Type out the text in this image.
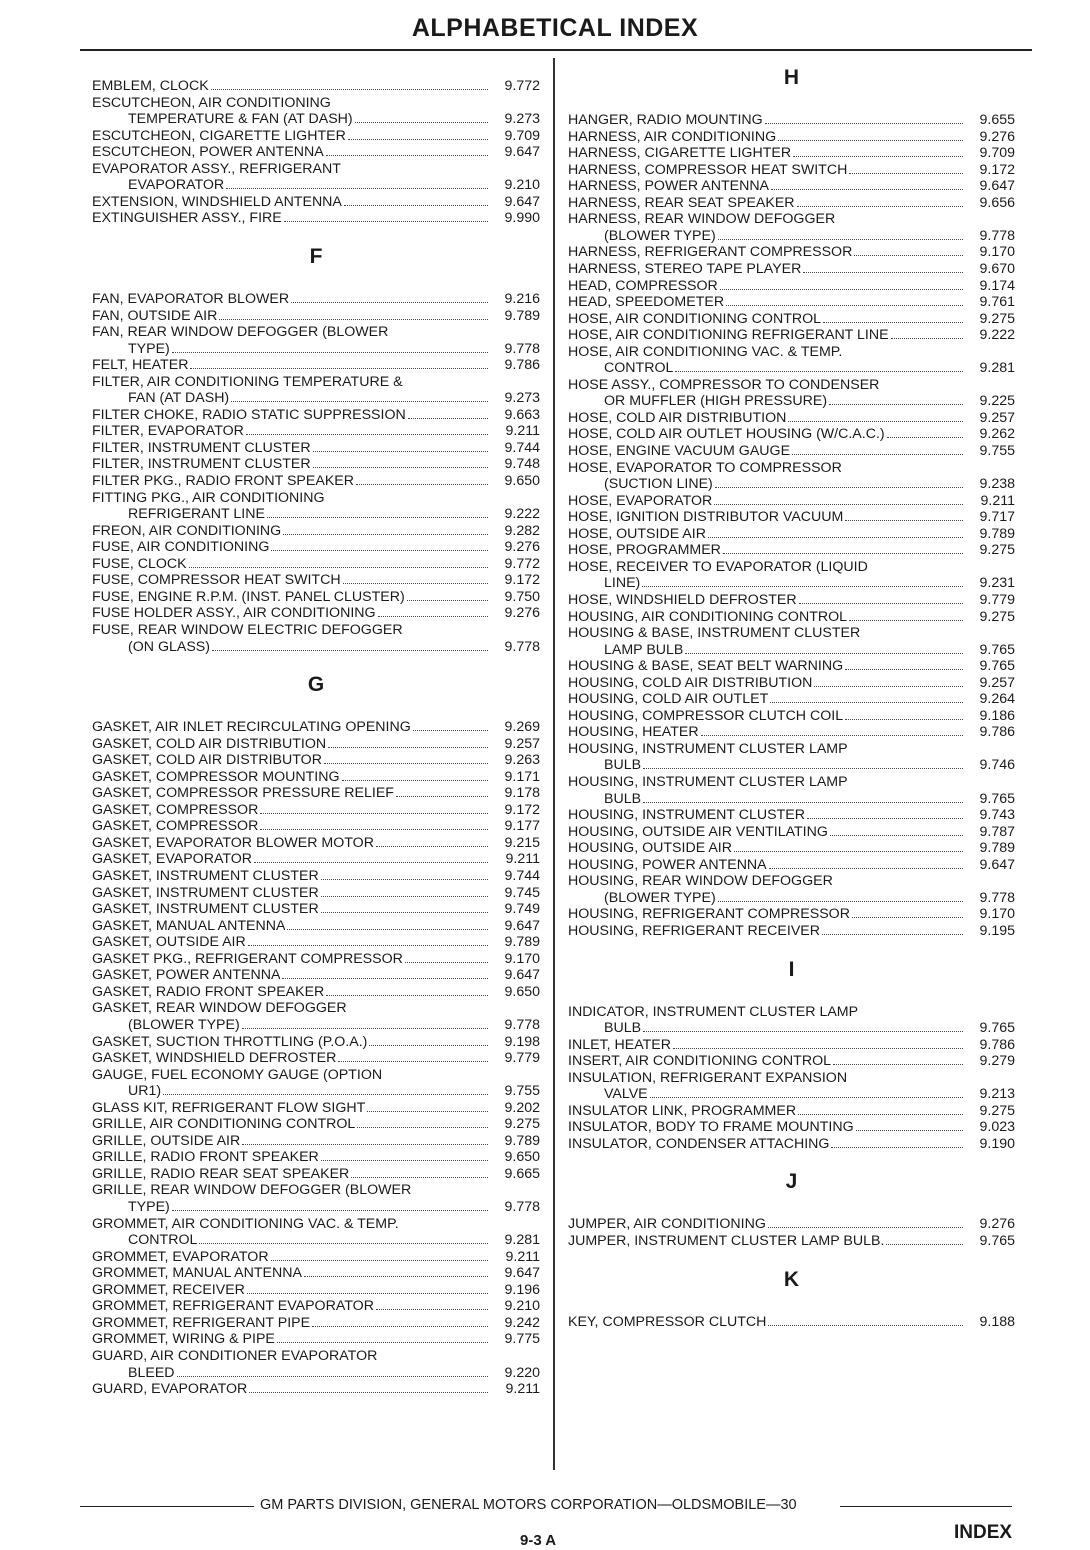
ALPHABETICAL INDEX
EMBLEM, CLOCK	9.772
ESCUTCHEON, AIR CONDITIONING
TEMPERATURE & FAN (AT DASH)	9.273
ESCUTCHEON, CIGARETTE LIGHTER	9.709
ESCUTCHEON, POWER ANTENNA	9.647
EVAPORATOR ASSY., REFRIGERANT
EVAPORATOR	9.210
EXTENSION, WINDSHIELD ANTENNA	9.647
EXTINGUISHER ASSY., FIRE	9.990
F
FAN, EVAPORATOR BLOWER	9.216
FAN, OUTSIDE AIR	9.789
FAN, REAR WINDOW DEFOGGER (BLOWER
TYPE)	9.778
FELT, HEATER	9.786
FILTER, AIR CONDITIONING TEMPERATURE &
FAN (AT DASH)	9.273
FILTER CHOKE, RADIO STATIC SUPPRESSION	9.663
FILTER, EVAPORATOR	9.211
FILTER, INSTRUMENT CLUSTER	9.744
FILTER, INSTRUMENT CLUSTER	9.748
FILTER PKG., RADIO FRONT SPEAKER	9.650
FITTING PKG., AIR CONDITIONING
REFRIGERANT LINE	9.222
FREON, AIR CONDITIONING	9.282
FUSE, AIR CONDITIONING	9.276
FUSE, CLOCK	9.772
FUSE, COMPRESSOR HEAT SWITCH	9.172
FUSE, ENGINE R.P.M. (INST. PANEL CLUSTER)	9.750
FUSE HOLDER ASSY., AIR CONDITIONING	9.276
FUSE, REAR WINDOW ELECTRIC DEFOGGER
(ON GLASS)	9.778
G
GASKET, AIR INLET RECIRCULATING OPENING	9.269
GASKET, COLD AIR DISTRIBUTION	9.257
GASKET, COLD AIR DISTRIBUTOR	9.263
GASKET, COMPRESSOR MOUNTING	9.171
GASKET, COMPRESSOR PRESSURE RELIEF	9.178
GASKET, COMPRESSOR	9.172
GASKET, COMPRESSOR	9.177
GASKET, EVAPORATOR BLOWER MOTOR	9.215
GASKET, EVAPORATOR	9.211
GASKET, INSTRUMENT CLUSTER	9.744
GASKET, INSTRUMENT CLUSTER	9.745
GASKET, INSTRUMENT CLUSTER	9.749
GASKET, MANUAL ANTENNA	9.647
GASKET, OUTSIDE AIR	9.789
GASKET PKG., REFRIGERANT COMPRESSOR	9.170
GASKET, POWER ANTENNA	9.647
GASKET, RADIO FRONT SPEAKER	9.650
GASKET, REAR WINDOW DEFOGGER
(BLOWER TYPE)	9.778
GASKET, SUCTION THROTTLING (P.O.A.)	9.198
GASKET, WINDSHIELD DEFROSTER	9.779
GAUGE, FUEL ECONOMY GAUGE (OPTION
UR1)	9.755
GLASS KIT, REFRIGERANT FLOW SIGHT	9.202
GRILLE, AIR CONDITIONING CONTROL	9.275
GRILLE, OUTSIDE AIR	9.789
GRILLE, RADIO FRONT SPEAKER	9.650
GRILLE, RADIO REAR SEAT SPEAKER	9.665
GRILLE, REAR WINDOW DEFOGGER (BLOWER
TYPE)	9.778
GROMMET, AIR CONDITIONING VAC. & TEMP.
CONTROL	9.281
GROMMET, EVAPORATOR	9.211
GROMMET, MANUAL ANTENNA	9.647
GROMMET, RECEIVER	9.196
GROMMET, REFRIGERANT EVAPORATOR	9.210
GROMMET, REFRIGERANT PIPE	9.242
GROMMET, WIRING & PIPE	9.775
GUARD, AIR CONDITIONER EVAPORATOR
BLEED	9.220
GUARD, EVAPORATOR	9.211
H
HANGER, RADIO MOUNTING	9.655
HARNESS, AIR CONDITIONING	9.276
HARNESS, CIGARETTE LIGHTER	9.709
HARNESS, COMPRESSOR HEAT SWITCH	9.172
HARNESS, POWER ANTENNA	9.647
HARNESS, REAR SEAT SPEAKER	9.656
HARNESS, REAR WINDOW DEFOGGER
(BLOWER TYPE)	9.778
HARNESS, REFRIGERANT COMPRESSOR	9.170
HARNESS, STEREO TAPE PLAYER	9.670
HEAD, COMPRESSOR	9.174
HEAD, SPEEDOMETER	9.761
HOSE, AIR CONDITIONING CONTROL	9.275
HOSE, AIR CONDITIONING REFRIGERANT LINE	9.222
HOSE, AIR CONDITIONING VAC. & TEMP.
CONTROL	9.281
HOSE ASSY., COMPRESSOR TO CONDENSER
OR MUFFLER (HIGH PRESSURE)	9.225
HOSE, COLD AIR DISTRIBUTION	9.257
HOSE, COLD AIR OUTLET HOUSING (W/C.A.C.)	9.262
HOSE, ENGINE VACUUM GAUGE	9.755
HOSE, EVAPORATOR TO COMPRESSOR
(SUCTION LINE)	9.238
HOSE, EVAPORATOR	9.211
HOSE, IGNITION DISTRIBUTOR VACUUM	9.717
HOSE, OUTSIDE AIR	9.789
HOSE, PROGRAMMER	9.275
HOSE, RECEIVER TO EVAPORATOR (LIQUID
LINE)	9.231
HOSE, WINDSHIELD DEFROSTER	9.779
HOUSING, AIR CONDITIONING CONTROL	9.275
HOUSING & BASE, INSTRUMENT CLUSTER
LAMP BULB	9.765
HOUSING & BASE, SEAT BELT WARNING	9.765
HOUSING, COLD AIR DISTRIBUTION	9.257
HOUSING, COLD AIR OUTLET	9.264
HOUSING, COMPRESSOR CLUTCH COIL	9.186
HOUSING, HEATER	9.786
HOUSING, INSTRUMENT CLUSTER LAMP
BULB	9.746
HOUSING, INSTRUMENT CLUSTER LAMP
BULB	9.765
HOUSING, INSTRUMENT CLUSTER	9.743
HOUSING, OUTSIDE AIR VENTILATING	9.787
HOUSING, OUTSIDE AIR	9.789
HOUSING, POWER ANTENNA	9.647
HOUSING, REAR WINDOW DEFOGGER
(BLOWER TYPE)	9.778
HOUSING, REFRIGERANT COMPRESSOR	9.170
HOUSING, REFRIGERANT RECEIVER	9.195
I
INDICATOR, INSTRUMENT CLUSTER LAMP
BULB	9.765
INLET, HEATER	9.786
INSERT, AIR CONDITIONING CONTROL	9.279
INSULATION, REFRIGERANT EXPANSION
VALVE	9.213
INSULATOR LINK, PROGRAMMER	9.275
INSULATOR, BODY TO FRAME MOUNTING	9.023
INSULATOR, CONDENSER ATTACHING	9.190
J
JUMPER, AIR CONDITIONING	9.276
JUMPER, INSTRUMENT CLUSTER LAMP BULB.	9.765
K
KEY, COMPRESSOR CLUTCH	9.188
GM PARTS DIVISION, GENERAL MOTORS CORPORATION—OLDSMOBILE—30
9-3 A	INDEX
